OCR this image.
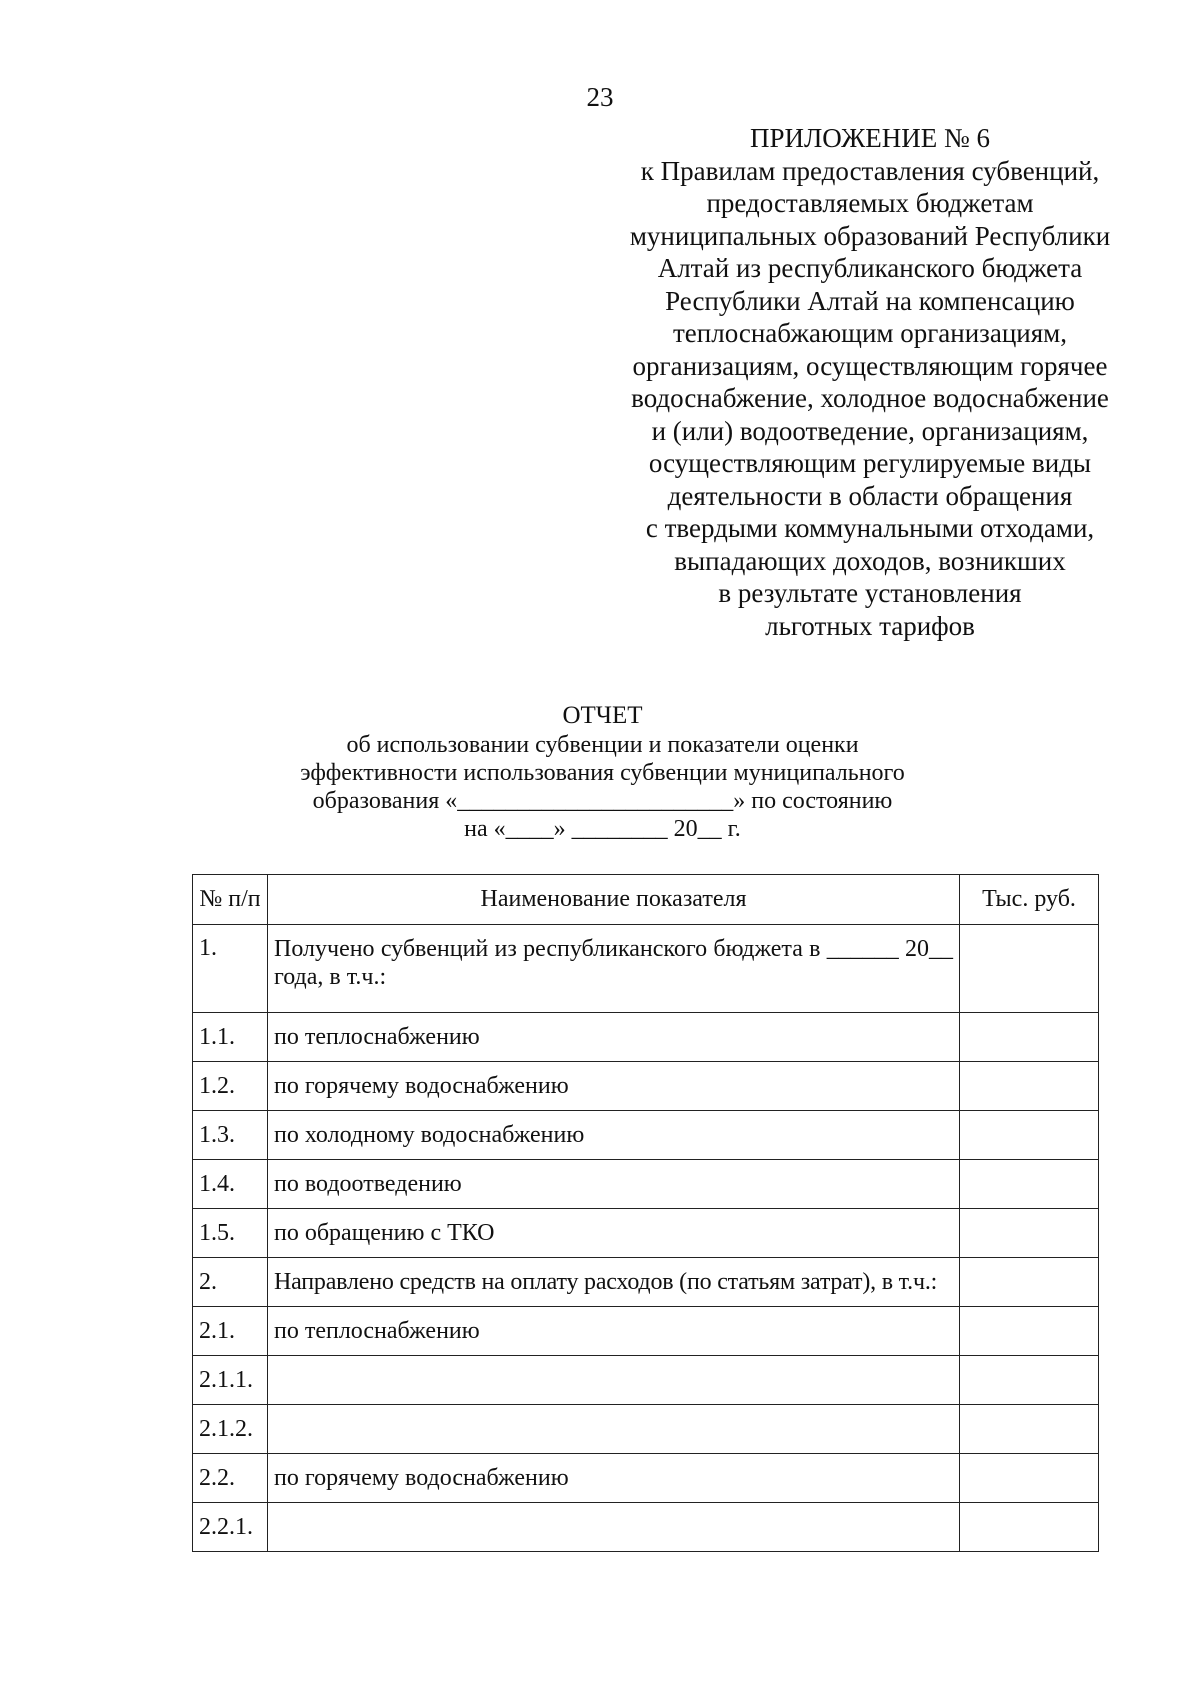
23
ПРИЛОЖЕНИЕ № 6
к Правилам предоставления субвенций,
предоставляемых бюджетам
муниципальных образований Республики
Алтай из республиканского бюджета
Республики Алтай на компенсацию
теплоснабжающим организациям,
организациям, осуществляющим горячее
водоснабжение, холодное водоснабжение
и (или) водоотведение, организациям,
осуществляющим регулируемые виды
деятельности в области обращения
с твердыми коммунальными отходами,
выпадающих доходов, возникших
в результате установления
льготных тарифов
ОТЧЕТ
об использовании субвенции и показатели оценки
эффективности использования субвенции муниципального
образования «_______________________» по состоянию
на «____» ________ 20__ г.
№ п/п	Наименование показателя	Тыс. руб.
1.	Получено субвенций из республиканского бюджета в ______ 20__ года, в т.ч.:	
1.1.	по теплоснабжению	
1.2.	по горячему водоснабжению	
1.3.	по холодному водоснабжению	
1.4.	по водоотведению	
1.5.	по обращению с ТКО	
2.	Направлено средств на оплату расходов (по статьям затрат), в т.ч.:	
2.1.	по теплоснабжению	
2.1.1.		
2.1.2.		
2.2.	по горячему водоснабжению	
2.2.1.		
